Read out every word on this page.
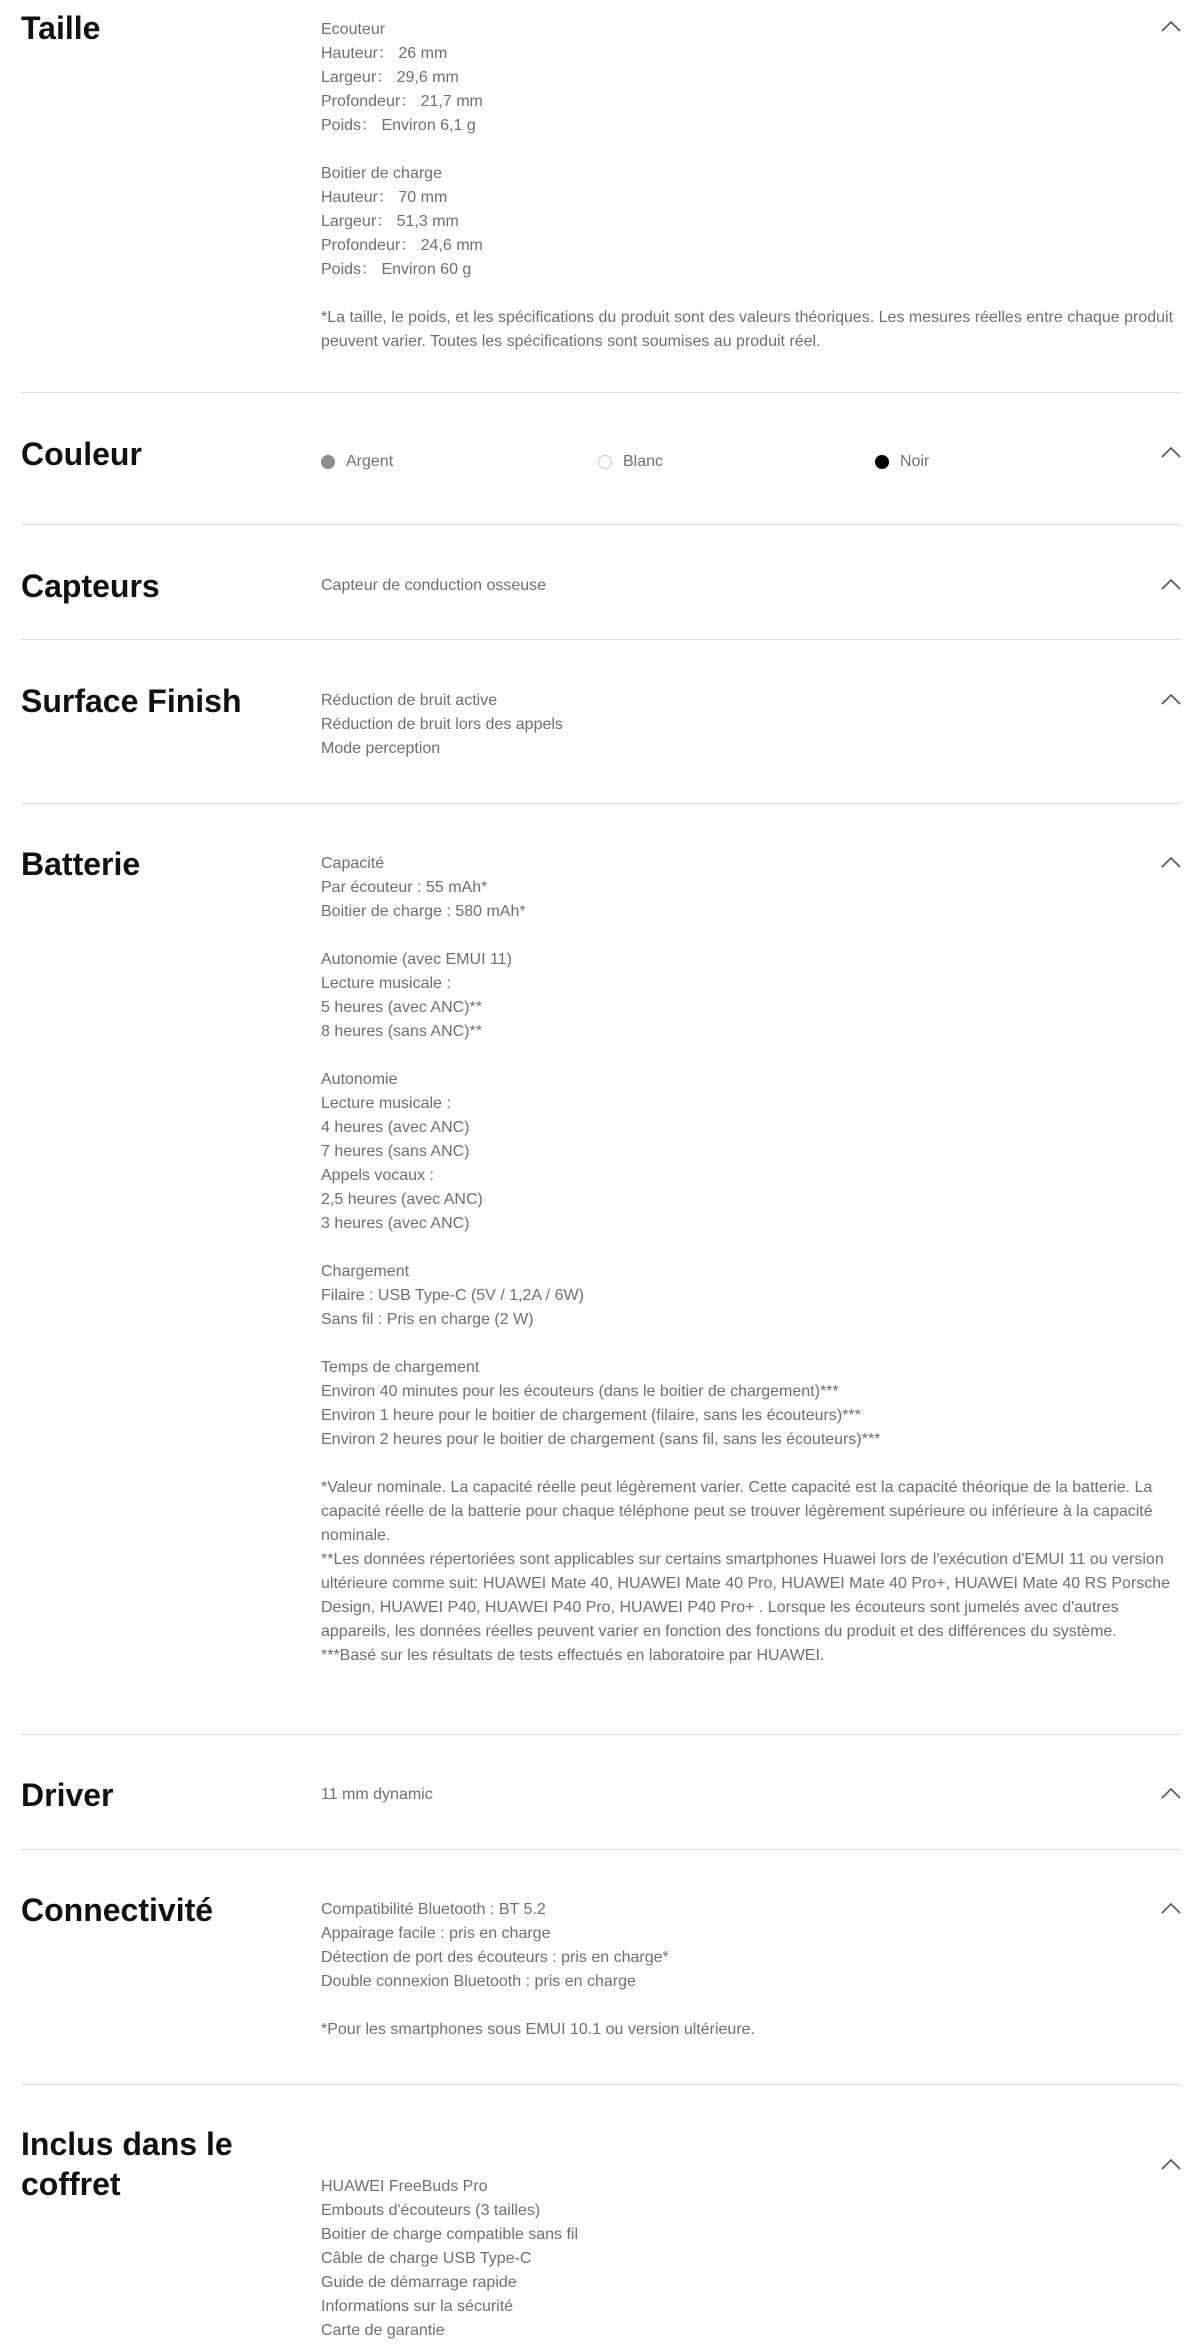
Taille	Ecouteur
Hauteur： 26 mm
Largeur： 29,6 mm
Profondeur： 21,7 mm
Poids： Environ 6,1 g
Boitier de charge
Hauteur： 70 mm
Largeur： 51,3 mm
Profondeur： 24,6 mm
Poids： Environ 60 g
*La taille, le poids, et les spécifications du produit sont des valeurs théoriques. Les mesures réelles entre chaque produit peuvent varier. Toutes les spécifications sont soumises au produit réel.
Couleur	Argent	Blanc	Noir
Capteurs	Capteur de conduction osseuse
Surface Finish	Réduction de bruit active
Réduction de bruit lors des appels
Mode perception
Batterie	Capacité
Par écouteur : 55 mAh*
Boitier de charge : 580 mAh*
Autonomie (avec EMUI 11)
Lecture musicale :
5 heures (avec ANC)**
8 heures (sans ANC)**
Autonomie
Lecture musicale :
4 heures (avec ANC)
7 heures (sans ANC)
Appels vocaux :
2,5 heures (avec ANC)
3 heures (avec ANC)
Chargement
Filaire : USB Type-C (5V / 1,2A / 6W)
Sans fil : Pris en charge (2 W)
Temps de chargement
Environ 40 minutes pour les écouteurs (dans le boitier de chargement)***
Environ 1 heure pour le boitier de chargement (filaire, sans les écouteurs)***
Environ 2 heures pour le boitier de chargement (sans fil, sans les écouteurs)***
*Valeur nominale. La capacité réelle peut légèrement varier. Cette capacité est la capacité théorique de la batterie. La capacité réelle de la batterie pour chaque téléphone peut se trouver légèrement supérieure ou inférieure à la capacité nominale.
**Les données répertoriées sont applicables sur certains smartphones Huawei lors de l'exécution d'EMUI 11 ou version ultérieure comme suit: HUAWEI Mate 40, HUAWEI Mate 40 Pro, HUAWEI Mate 40 Pro+, HUAWEI Mate 40 RS Porsche Design, HUAWEI P40, HUAWEI P40 Pro, HUAWEI P40 Pro+ . Lorsque les écouteurs sont jumelés avec d'autres appareils, les données réelles peuvent varier en fonction des fonctions du produit et des différences du système.
***Basé sur les résultats de tests effectués en laboratoire par HUAWEI.
Driver	11 mm dynamic
Connectivité	Compatibilité Bluetooth : BT 5.2
Appairage facile : pris en charge
Détection de port des écouteurs : pris en charge*
Double connexion Bluetooth : pris en charge
*Pour les smartphones sous EMUI 10.1 ou version ultérieure.
Inclus dans le coffret	HUAWEI FreeBuds Pro
Embouts d'écouteurs (3 tailles)
Boitier de charge compatible sans fil
Câble de charge USB Type-C
Guide de démarrage rapide
Informations sur la sécurité
Carte de garantie
